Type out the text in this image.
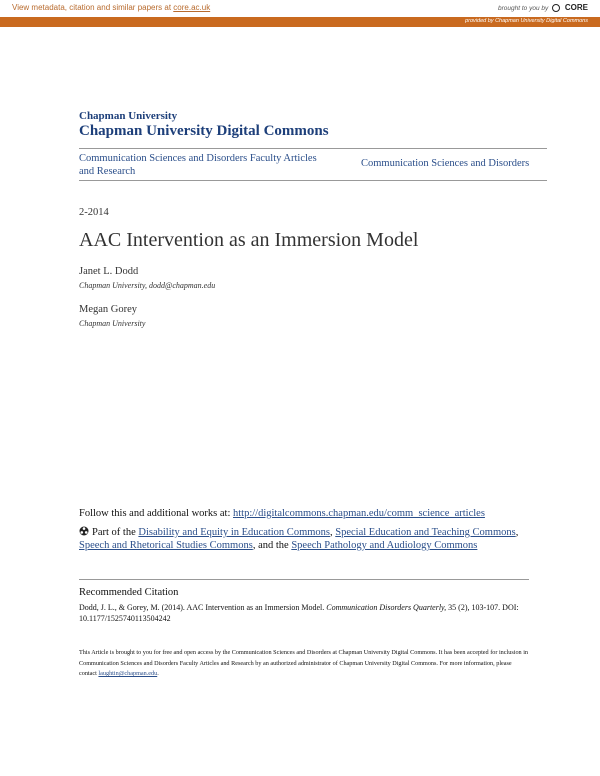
View metadata, citation and similar papers at core.ac.uk	brought to you by CORE
provided by Chapman University Digital Commons
Chapman University
Chapman University Digital Commons
Communication Sciences and Disorders Faculty Articles and Research
Communication Sciences and Disorders
2-2014
AAC Intervention as an Immersion Model
Janet L. Dodd
Chapman University, dodd@chapman.edu
Megan Gorey
Chapman University
Follow this and additional works at: http://digitalcommons.chapman.edu/comm_science_articles
Part of the Disability and Equity in Education Commons, Special Education and Teaching Commons, Speech and Rhetorical Studies Commons, and the Speech Pathology and Audiology Commons
Recommended Citation
Dodd, J. L., & Gorey, M. (2014). AAC Intervention as an Immersion Model. Communication Disorders Quarterly, 35 (2), 103-107. DOI: 10.1177/1525740113504242
This Article is brought to you for free and open access by the Communication Sciences and Disorders at Chapman University Digital Commons. It has been accepted for inclusion in Communication Sciences and Disorders Faculty Articles and Research by an authorized administrator of Chapman University Digital Commons. For more information, please contact laughtin@chapman.edu.
